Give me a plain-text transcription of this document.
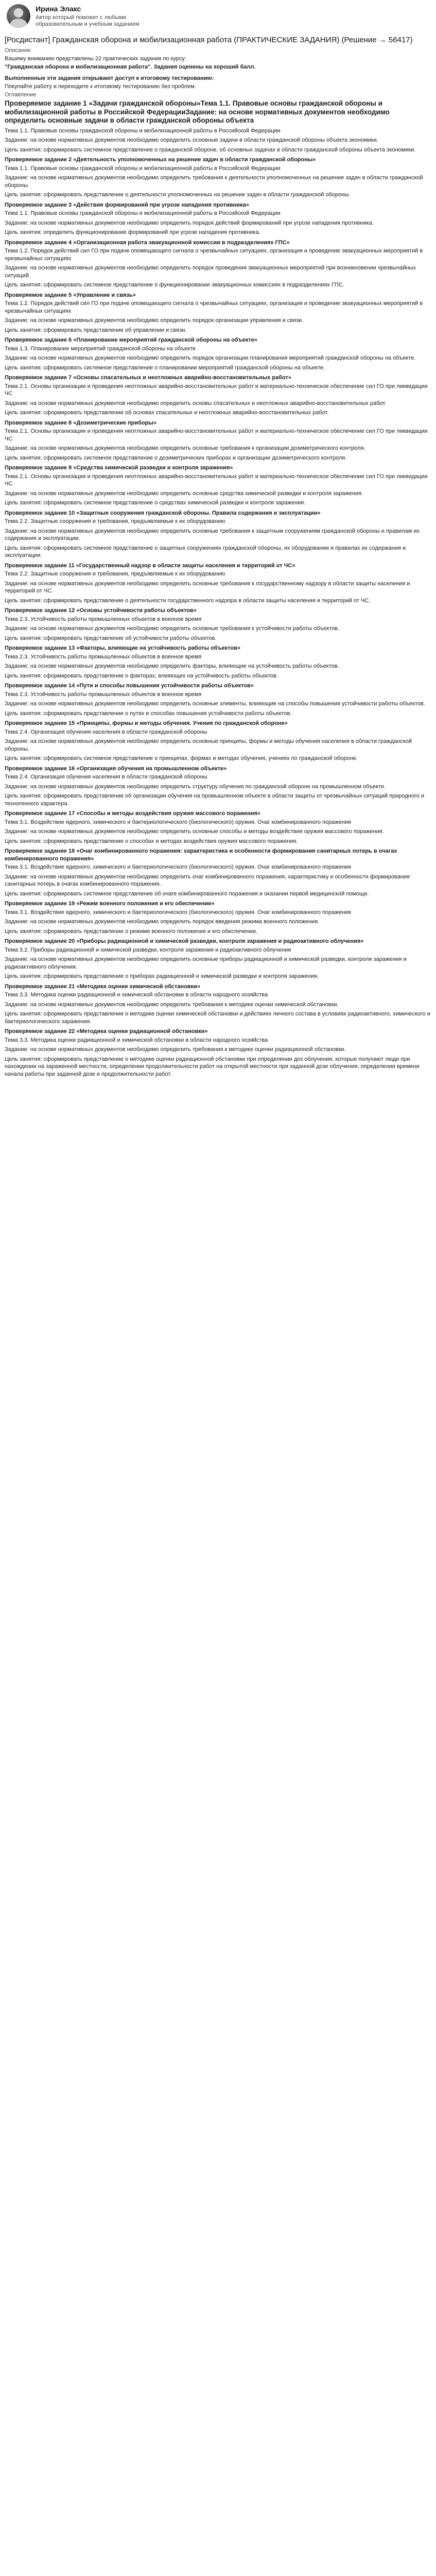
Ирина Элакс
Автор который поможет с любыми образовательным и учебным заданием
[Росдистант] Гражданская оборона и мобилизационная работа (ПРАКТИЧЕСКИЕ ЗАДАНИЯ) (Решение → 56417)
Описание
Вашему вниманию представлены 22 практических задания по курсу:
"Гражданская оборона и мобилизационная работа". Задания оценены на хороший балл.
Выполненные эти задания открывают доступ к итоговому тестированию:
Покупайте работу и переходите к итоговому тестированию без проблем.
Оглавление
Проверяемое задание 1 «Задачи гражданской обороны»Тема 1.1. Правовые основы гражданской обороны и мобилизационной работы в Российской ФедерацииЗадание: на основе нормативных документов необходимо определить основные задачи в области гражданской обороны объекта
Тема 1.1. Правовые основы гражданской обороны и мобилизационной работы в Российской Федерации
Задание: на основе нормативных документов необходимо определить основные задачи в области гражданской обороны объекта экономики.
Цель занятия: сформировать системное представление о гражданской обороне, об основных задачах в области гражданской обороны объекта экономики.
Проверяемое задание 2 «Деятельность уполномоченных на решение задач в области гражданской обороны»
Тема 1.1. Правовые основы гражданской обороны и мобилизационной работы в Российской Федерации
Задание: на основе нормативных документов необходимо определить требования к деятельности уполномоченных на решение задач в области гражданской обороны.
Цель занятия: сформировать представление о деятельности уполномоченных на решение задач в области гражданской обороны.
Проверяемое задание 3 «Действия формирований при угрозе нападения противника»
Тема 1.1. Правовые основы гражданской обороны и мобилизационной работы в Российской Федерации
Задание: на основе нормативных документов необходимо определить порядок действий формирований при угрозе нападения противника.
Цель занятия: определить функционирование формирований при угрозе нападения противника.
Проверяемое задание 4 «Организационная работа эвакуационной комиссии в подразделениях ГПС»
Тема 1.2. Порядок действий сил ГО при подаче оповещающего сигнала о чрезвычайных ситуациях, организация и проведение эвакуационных мероприятий в чрезвычайных ситуациях
Задание: на основе нормативных документов необходимо определить порядок проведения эвакуационных мероприятий при возникновении чрезвычайных ситуаций.
Цель занятия: сформировать системное представление о функционировании эвакуационных комиссиях в подразделениях ГПС.
Проверяемое задание 5 «Управление и связь»
Тема 1.2. Порядок действий сил ГО при подаче оповещающего сигнала о чрезвычайных ситуациях, организация и проведение эвакуационных мероприятий в чрезвычайных ситуациях
Задание: на основе нормативных документов необходимо определить порядок организации управления и связи.
Цель занятия: сформировать представление об управлении и связи.
Проверяемое задание 6 «Планирование мероприятий гражданской обороны на объекте»
Тема 1.3. Планирование мероприятий гражданской обороны на объекте
Задание: на основе нормативных документов необходимо определить порядок организации планирования мероприятий гражданской обороны на объекте.
Цель занятия: сформировать системное представление о планировании мероприятий гражданской обороны на объекте.
Проверяемое задание 7 «Основы спасательных и неотложных аварийно-восстановительных работ»
Тема 2.1. Основы организации и проведения неотложных аварийно-восстановительных работ и материально-техническое обеспечение сил ГО при ликвидации ЧС
Задание: на основе нормативных документов необходимо определить основы спасательных и неотложных аварийно-восстановительных работ.
Цель занятия: сформировать представление об основах спасательных и неотложных аварийно-восстановительных работ.
Проверяемое задание 8 «Дозиметрические приборы»
Тема 2.1. Основы организации и проведения неотложных аварийно-восстановительных работ и материально-техническое обеспечение сил ГО при ликвидации ЧС
Задание: на основе нормативных документов необходимо определить основные требования к организации дозиметрического контроля.
Цель занятия: сформировать системное представление о дозиметрических приборах и организации дозиметрического контроля.
Проверяемое задание 9 «Средства химической разведки и контроля заражения»
Тема 2.1. Основы организации и проведения неотложных аварийно-восстановительных работ и материально-техническое обеспечение сил ГО при ликвидации ЧС
Задание: на основе нормативных документов необходимо определить основные средства химической разведки и контроля заражения.
Цель занятия: сформировать системное представление о средствах химической разведки и контроля заражения.
Проверяемое задание 10 «Защитные сооружения гражданской обороны. Правила содержания и эксплуатации»
Тема 2.2. Защитные сооружения и требования, предъявляемые к их оборудованию
Задание: на основе нормативных документов необходимо определить основные требования к защитным сооружениям гражданской обороны и правилам их содержания и эксплуатации.
Цель занятия: сформировать системное представление о защитных сооружениях гражданской обороны, их оборудовании и правилах их содержания и эксплуатации.
Проверяемое задание 11 «Государственный надзор в области защиты населения и территорий от ЧС»
Тема 2.2. Защитные сооружения и требования, предъявляемые к их оборудованию
Задание: на основе нормативных документов необходимо определить основные требования к государственному надзору в области защиты населения и территорий от ЧС.
Цель занятия: сформировать представление о деятельности государственного надзора в области защиты населения и территорий от ЧС.
Проверяемое задание 12 «Основы устойчивости работы объектов»
Тема 2.3. Устойчивость работы промышленных объектов в военное время
Задание: на основе нормативных документов необходимо определить основные требования к устойчивости работы объектов.
Цель занятия: сформировать представление об устойчивости работы объектов.
Проверяемое задание 13 «Факторы, влияющие на устойчивость работы объектов»
Тема 2.3. Устойчивость работы промышленных объектов в военное время
Задание: на основе нормативных документов необходимо определить факторы, влияющие на устойчивость работы объектов.
Цель занятия: сформировать представление о факторах, влияющих на устойчивость работы объектов.
Проверяемое задание 14 «Пути и способы повышения устойчивости работы объектов»
Тема 2.3. Устойчивость работы промышленных объектов в военное время
Задание: на основе нормативных документов необходимо определить основные элементы, влияющие на способы повышения устойчивости работы объектов.
Цель занятия: сформировать представление о путях и способах повышения устойчивости работы объектов.
Проверяемое задание 15 «Принципы, формы и методы обучения. Учения по гражданской обороне»
Тема 2.4. Организация обучения населения в области гражданской обороны
Задание: на основе нормативных документов необходимо определить основные принципы, формы и методы обучения населения в области гражданской обороны.
Цель занятия: сформировать системное представление о принципах, формах и методах обучения, учениях по гражданской обороне.
Проверяемое задание 16 «Организация обучения на промышленном объекте»
Тема 2.4. Организация обучения населения в области гражданской обороны
Задание: на основе нормативных документов необходимо определить структуру обучения по гражданской обороне на промышленном объекте.
Цель занятия: сформировать представление об организации обучения на промышленном объекте в области защиты от чрезвычайных ситуаций природного и техногенного характера.
Проверяемое задание 17 «Способы и методы воздействия оружия массового поражения»
Тема 3.1. Воздействие ядерного, химического и бактериологического (биологического) оружия. Очаг комбинированного поражения
Задание: на основе нормативных документов необходимо определить основные способы и методы воздействия оружия массового поражения.
Цель занятия: сформировать представление о способах и методах воздействия оружия массового поражения.
Проверяемое задание 18 «Очаг комбинированного поражения: характеристика и особенности формирования санитарных потерь в очагах комбинированного поражения»
Тема 3.1. Воздействие ядерного, химического и бактериологического (биологического) оружия. Очаг комбинированного поражения
Задание: на основе нормативных документов необходимо определить очаг комбинированного поражения, характеристику и особенности формирования санитарных потерь в очагах комбинированного поражения.
Цель занятия: сформировать системное представление об очаге комбинированного поражения и оказании первой медицинской помощи.
Проверяемое задание 19 «Режим военного положения и его обеспечение»
Тема 3.1. Воздействие ядерного, химического и бактериологического (биологического) оружия. Очаг комбинированного поражения
Задание: на основе нормативных документов необходимо определить порядок введения режима военного положения.
Цель занятия: сформировать представление о режиме военного положения и его обеспечении.
Проверяемое задание 20 «Приборы радиационной и химической разведки, контроля заражения и радиоактивного облучения»
Тема 3.2. Приборы радиационной и химической разведки, контроля заражения и радиоактивного облучения
Задание: на основе нормативных документов необходимо определить основные приборы радиационной и химической разведки, контроля заражения и радиоактивного облучения.
Цель занятия: сформировать представление о приборах радиационной и химической разведки и контроля заражения.
Проверяемое задание 21 «Методика оценки химической обстановки»
Тема 3.3. Методика оценки радиационной и химической обстановки в области народного хозяйства
Задание: на основе нормативных документов необходимо определить требования к методике оценки химической обстановки.
Цель занятия: сформировать представление о методике оценки химической обстановки и действиях личного состава в условиях радиоактивного, химического и бактериологического заражения.
Проверяемое задание 22 «Методика оценки радиационной обстановки»
Тема 3.3. Методика оценки радиационной и химической обстановки в области народного хозяйства
Задание: на основе нормативных документов необходимо определить требования к методике оценки радиационной обстановки.
Цель занятия: сформировать представление о методике оценки радиационной обстановки при определении доз облучения, которые получают люди при нахождении на зараженной местности, определении продолжительности работ на открытой местности при заданной дозе облучения, определении времени начала работы при заданной дозе и продолжительности работ.
